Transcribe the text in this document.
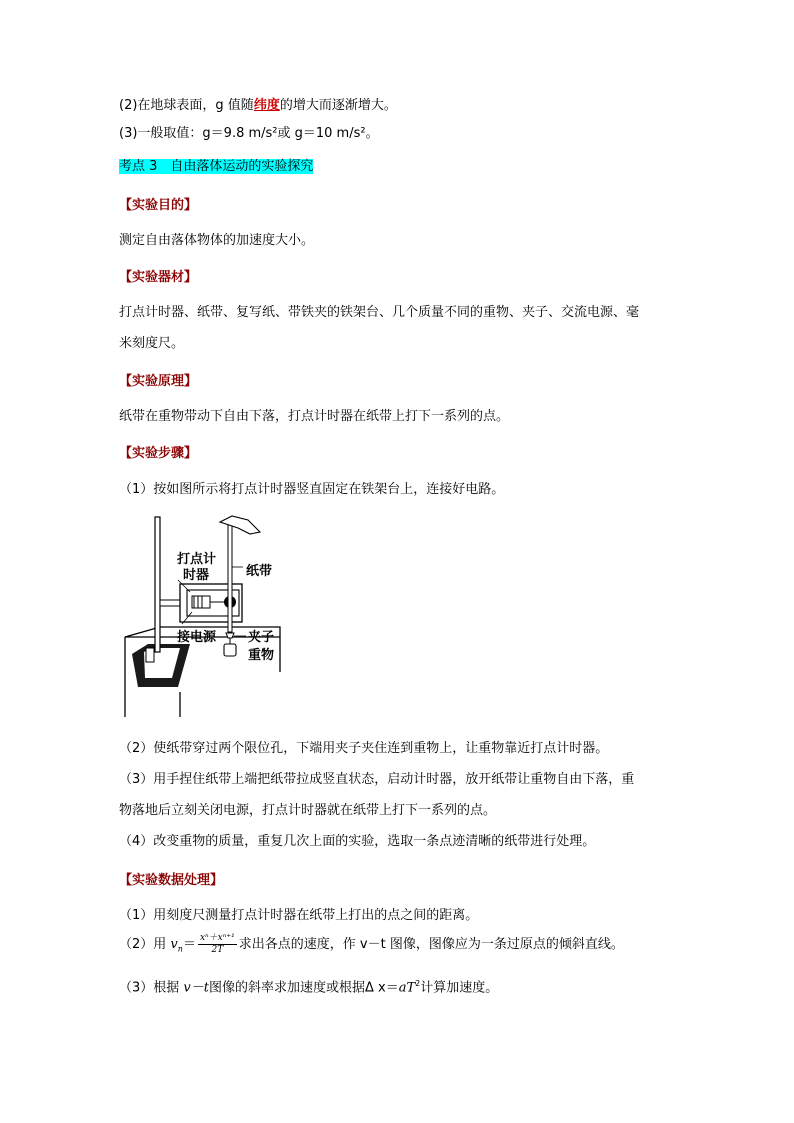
(2)在地球表面，g 值随纬度的增大而逐渐增大。
(3)一般取值：g＝9.8 m/s²或 g＝10 m/s²。
考点 3　自由落体运动的实验探究
【实验目的】
测定自由落体物体的加速度大小。
【实验器材】
打点计时器、纸带、复写纸、带铁夹的铁架台、几个质量不同的重物、夹子、交流电源、毫
米刻度尺。
【实验原理】
纸带在重物带动下自由下落，打点计时器在纸带上打下一系列的点。
【实验步骤】
（1）按如图所示将打点计时器竖直固定在铁架台上，连接好电路。
打点计
时器	纸带
接电源 夹子
重物
（2）使纸带穿过两个限位孔，下端用夹子夹住连到重物上，让重物靠近打点计时器。
（3）用手捏住纸带上端把纸带拉成竖直状态，启动计时器，放开纸带让重物自由下落，重
物落地后立刻关闭电源，打点计时器就在纸带上打下一系列的点。
（4）改变重物的质量，重复几次上面的实验，选取一条点迹清晰的纸带进行处理。
【实验数据处理】
（1）用刻度尺测量打点计时器在纸带上打出的点之间的距离。
（2）用 $v_n= \frac{\text{xⁿ＋xⁿ⁺¹}}{2T}$ 求出各点的速度，作 v－t 图像，图像应为一条过原点的倾斜直线。
（3）根据 v－t图像的斜率求加速度或根据Δ $x=aT^2$计算加速度。
